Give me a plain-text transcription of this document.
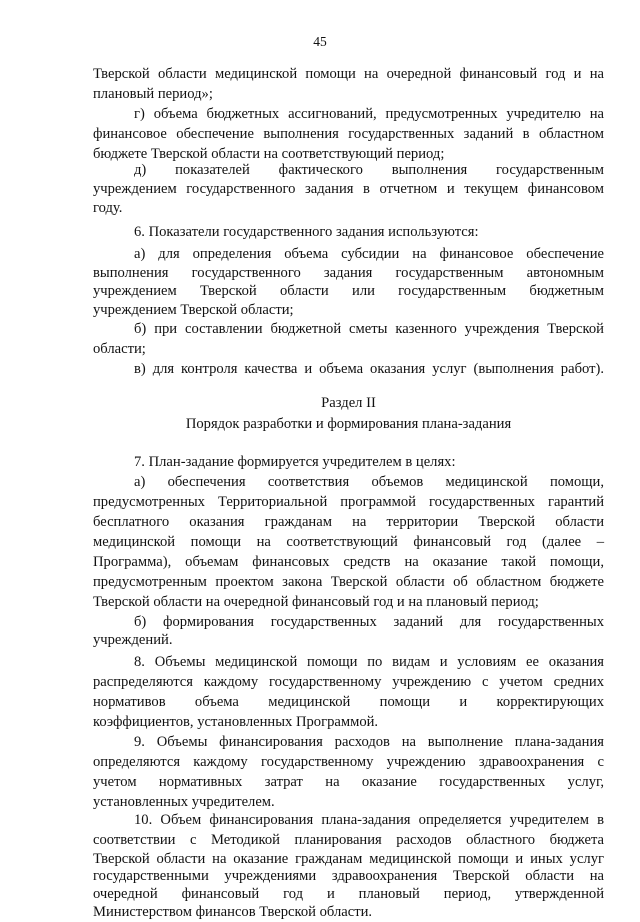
45
Тверской области медицинской помощи на очередной финансовый год и на
плановый период»;
г) объема бюджетных ассигнований, предусмотренных учредителю на
финансовое обеспечение выполнения государственных заданий в областном
бюджете Тверской области на соответствующий период;
д) показателей фактического выполнения государственным
учреждением государственного задания в отчетном и текущем финансовом
году.
6. Показатели государственного задания используются:
а) для определения объема субсидии на финансовое обеспечение
выполнения государственного задания государственным автономным
учреждением Тверской области или государственным бюджетным
учреждением Тверской области;
б) при составлении бюджетной сметы казенного учреждения Тверской
области;
в) для контроля качества и объема оказания услуг (выполнения работ).
Раздел II
Порядок разработки и формирования плана-задания
7. План-задание формируется учредителем в целях:
а) обеспечения соответствия объемов медицинской помощи,
предусмотренных Территориальной программой государственных гарантий
бесплатного оказания гражданам на территории Тверской области
медицинской помощи на соответствующий финансовый год (далее –
Программа), объемам финансовых средств на оказание такой помощи,
предусмотренным проектом закона Тверской области об областном бюджете
Тверской области на очередной финансовый год и на плановый период;
б) формирования государственных заданий для государственных
учреждений.
8. Объемы медицинской помощи по видам и условиям ее оказания
распределяются каждому государственному учреждению с учетом средних
нормативов объема медицинской помощи и корректирующих
коэффициентов, установленных Программой.
9. Объемы финансирования расходов на выполнение плана-задания
определяются каждому государственному учреждению здравоохранения с
учетом нормативных затрат на оказание государственных услуг,
установленных учредителем.
10. Объем финансирования плана-задания определяется учредителем в
соответствии с Методикой планирования расходов областного бюджета
Тверской области на оказание гражданам медицинской помощи и иных услуг
государственными учреждениями здравоохранения Тверской области на
очередной финансовый год и плановый период, утвержденной
Министерством финансов Тверской области.
